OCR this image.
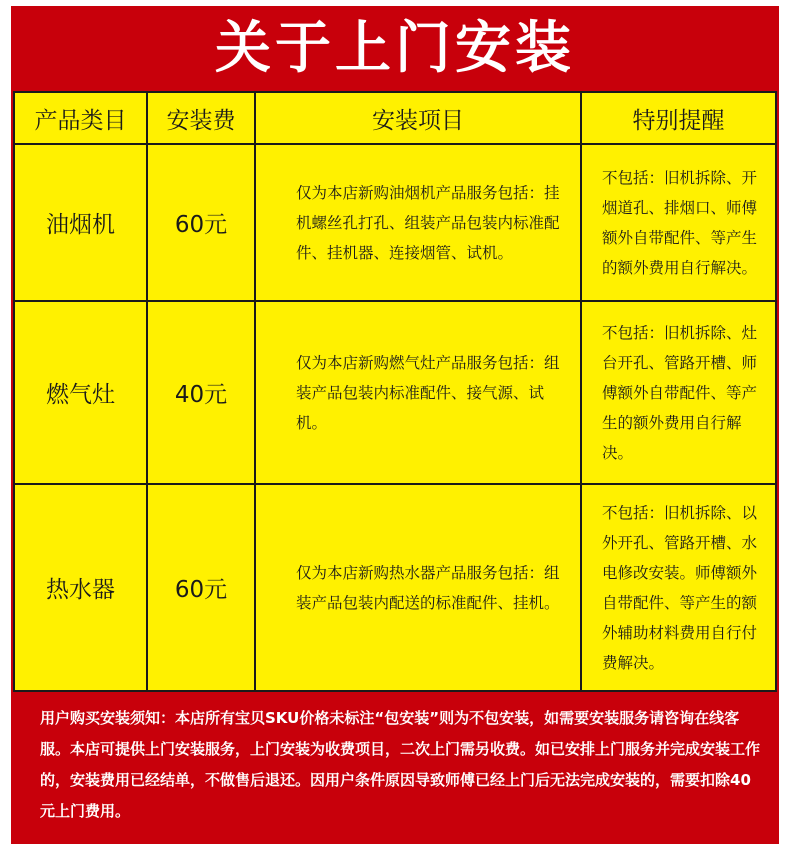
关于上门安装
产品类目	安装费	安装项目	特别提醒
油烟机	60元	仅为本店新购油烟机产品服务包括：挂机螺丝孔打孔、组装产品包装内标准配件、挂机器、连接烟管、试机。	不包括：旧机拆除、开烟道孔、排烟口、师傅额外自带配件、等产生的额外费用自行解决。
燃气灶	40元	仅为本店新购燃气灶产品服务包括：组装产品包装内标准配件、接气源、试机。	不包括：旧机拆除、灶台开孔、管路开槽、师傅额外自带配件、等产生的额外费用自行解决。
热水器	60元	仅为本店新购热水器产品服务包括：组装产品包装内配送的标准配件、挂机。	不包括：旧机拆除、以外开孔、管路开槽、水电修改安装。师傅额外自带配件、等产生的额外辅助材料费用自行付费解决。
用户购买安装须知：本店所有宝贝SKU价格未标注“包安装”则为不包安装，如需要安装服务请咨询在线客服。本店可提供上门安装服务，上门安装为收费项目，二次上门需另收费。如已安排上门服务并完成安装工作的，安装费用已经结单，不做售后退还。因用户条件原因导致师傅已经上门后无法完成安装的，需要扣除40元上门费用。
